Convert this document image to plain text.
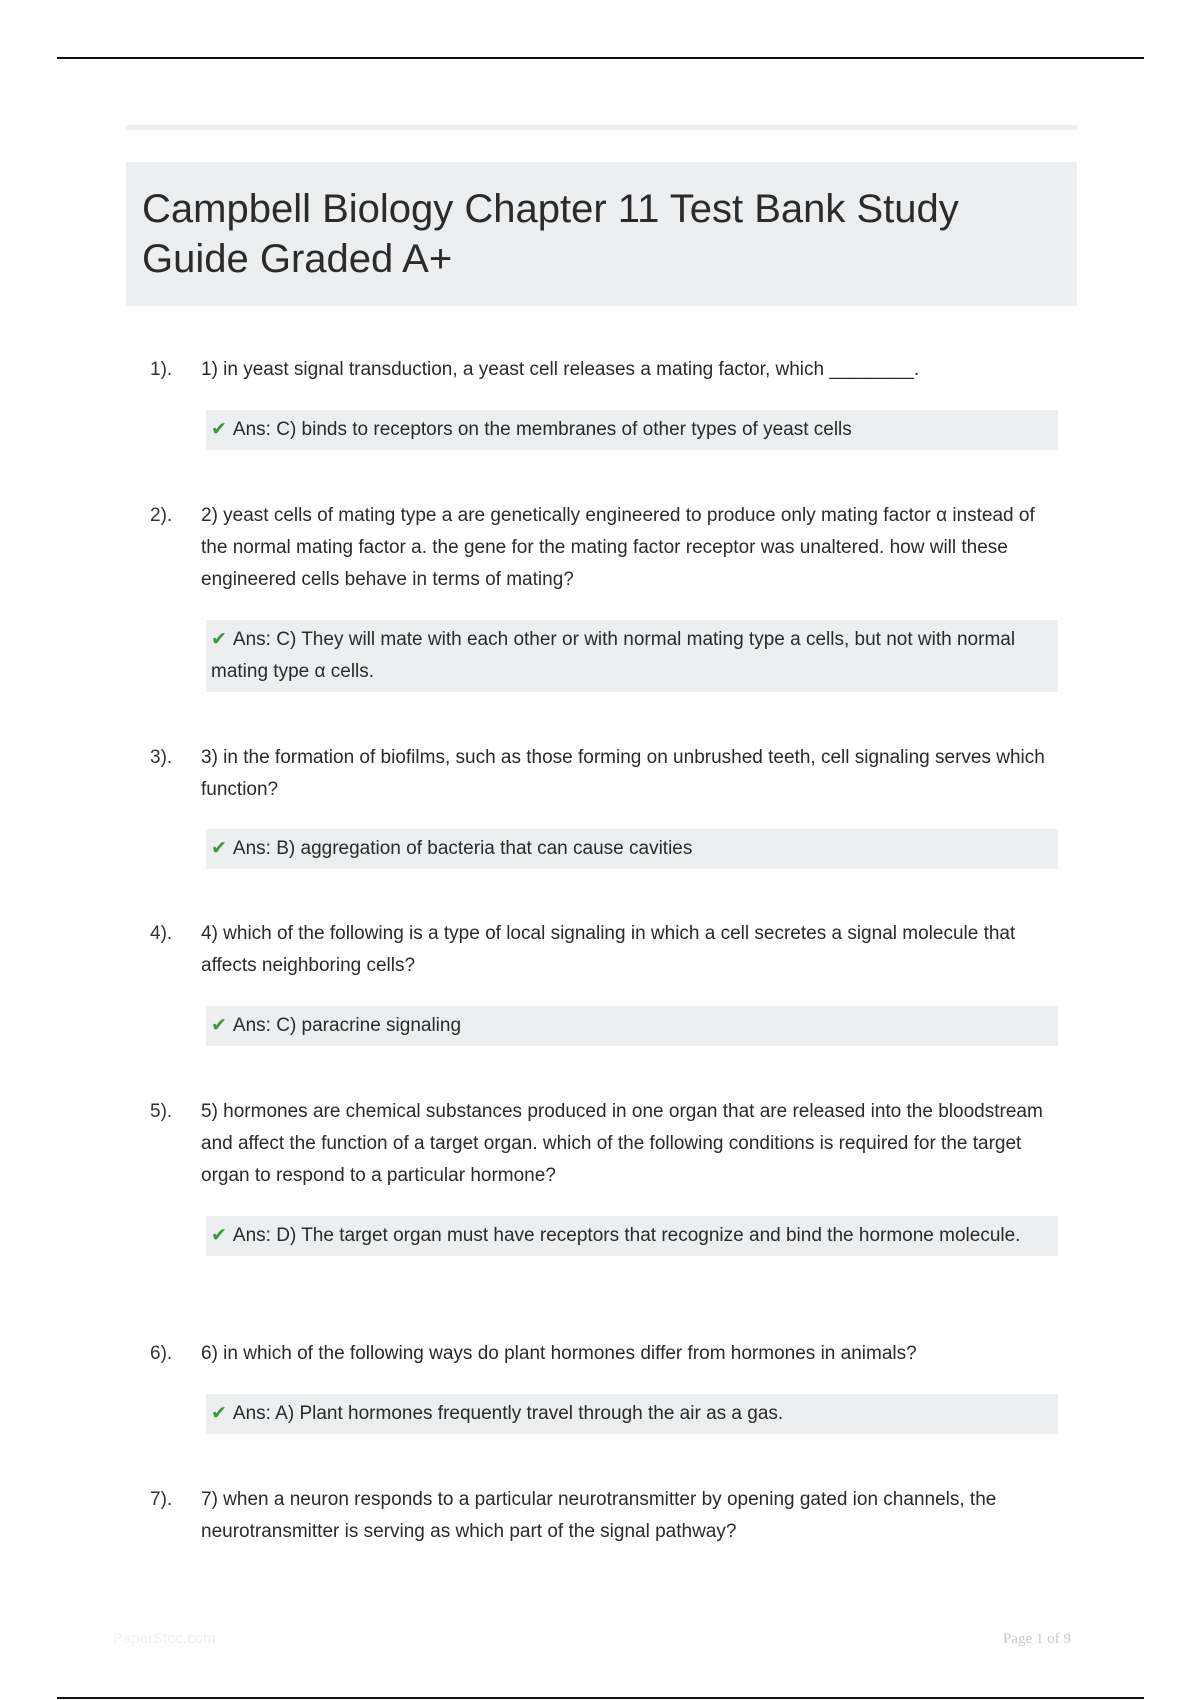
Campbell Biology Chapter 11 Test Bank Study Guide Graded A+
1). 1) in yeast signal transduction, a yeast cell releases a mating factor, which ________.
✔ Ans: C) binds to receptors on the membranes of other types of yeast cells
2). 2) yeast cells of mating type a are genetically engineered to produce only mating factor α instead of the normal mating factor a. the gene for the mating factor receptor was unaltered. how will these engineered cells behave in terms of mating?
✔ Ans: C) They will mate with each other or with normal mating type a cells, but not with normal mating type α cells.
3). 3) in the formation of biofilms, such as those forming on unbrushed teeth, cell signaling serves which function?
✔ Ans: B) aggregation of bacteria that can cause cavities
4). 4) which of the following is a type of local signaling in which a cell secretes a signal molecule that affects neighboring cells?
✔ Ans: C) paracrine signaling
5). 5) hormones are chemical substances produced in one organ that are released into the bloodstream and affect the function of a target organ. which of the following conditions is required for the target organ to respond to a particular hormone?
✔ Ans: D) The target organ must have receptors that recognize and bind the hormone molecule.
6). 6) in which of the following ways do plant hormones differ from hormones in animals?
✔ Ans: A) Plant hormones frequently travel through the air as a gas.
7). 7) when a neuron responds to a particular neurotransmitter by opening gated ion channels, the neurotransmitter is serving as which part of the signal pathway?
PaperStoc.com	Page 1 of 9
